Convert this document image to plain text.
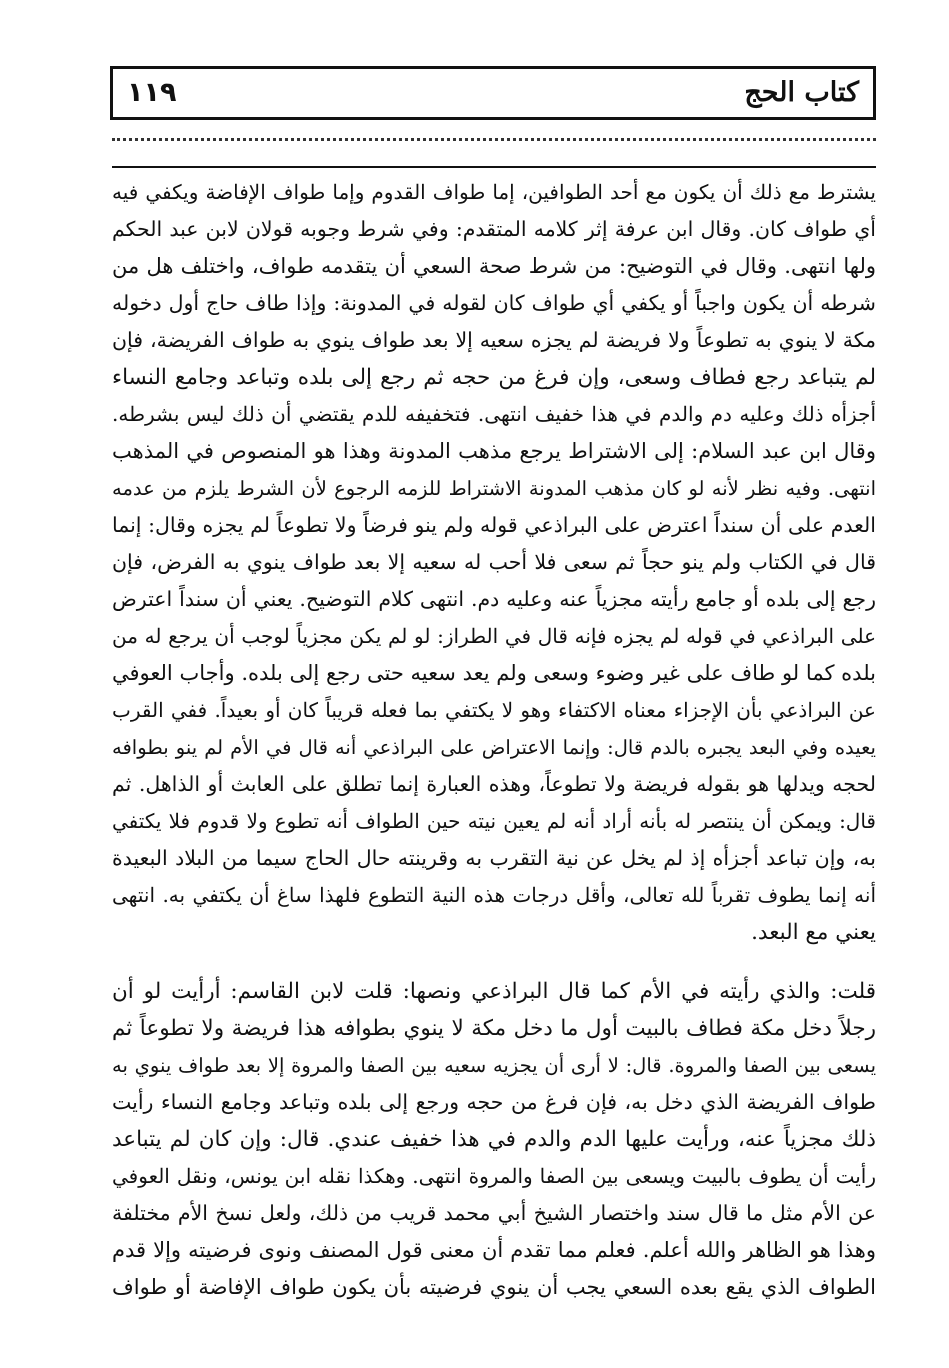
١١٩	كتاب الحج
يشترط مع ذلك أن يكون مع أحد الطوافين، إما طواف القدوم وإما طواف الإفاضة ويكفي فيه
أي طواف كان. وقال ابن عرفة إثر كلامه المتقدم: وفي شرط وجوبه قولان لابن عبد الحكم
ولها انتهى. وقال في التوضيح: من شرط صحة السعي أن يتقدمه طواف، واختلف هل من
شرطه أن يكون واجباً أو يكفي أي طواف كان لقوله في المدونة: وإذا طاف حاج أول دخوله
مكة لا ينوي به تطوعاً ولا فريضة لم يجزه سعيه إلا بعد طواف ينوي به طواف الفريضة، فإن
لم يتباعد رجع فطاف وسعى، وإن فرغ من حجه ثم رجع إلى بلده وتباعد وجامع النساء
أجزأه ذلك وعليه دم والدم في هذا خفيف انتهى. فتخفيفه للدم يقتضي أن ذلك ليس بشرطه.
وقال ابن عبد السلام: إلى الاشتراط يرجع مذهب المدونة وهذا هو المنصوص في المذهب
انتهى. وفيه نظر لأنه لو كان مذهب المدونة الاشتراط للزمه الرجوع لأن الشرط يلزم من عدمه
العدم على أن سنداً اعترض على البراذعي قوله ولم ينو فرضاً ولا تطوعاً لم يجزه وقال: إنما
قال في الكتاب ولم ينو حجاً ثم سعى فلا أحب له سعيه إلا بعد طواف ينوي به الفرض، فإن
رجع إلى بلده أو جامع رأيته مجزياً عنه وعليه دم. انتهى كلام التوضيح. يعني أن سنداً اعترض
على البراذعي في قوله لم يجزه فإنه قال في الطراز: لو لم يكن مجزياً لوجب أن يرجع له من
بلده كما لو طاف على غير وضوء وسعى ولم يعد سعيه حتى رجع إلى بلده. وأجاب العوفي
عن البراذعي بأن الإجزاء معناه الاكتفاء وهو لا يكتفي بما فعله قريباً كان أو بعيداً. ففي القرب
يعيده وفي البعد يجبره بالدم قال: وإنما الاعتراض على البراذعي أنه قال في الأم لم ينو بطوافه
لحجه ويدلها هو بقوله فريضة ولا تطوعاً، وهذه العبارة إنما تطلق على العابث أو الذاهل. ثم
قال: ويمكن أن ينتصر له بأنه أراد أنه لم يعين نيته حين الطواف أنه تطوع ولا قدوم فلا يكتفي
به، وإن تباعد أجزأه إذ لم يخل عن نية التقرب به وقرينته حال الحاج سيما من البلاد البعيدة
أنه إنما يطوف تقرباً لله تعالى، وأقل درجات هذه النية التطوع فلهذا ساغ أن يكتفي به. انتهى
يعني مع البعد.
قلت: والذي رأيته في الأم كما قال البراذعي ونصها: قلت لابن القاسم: أرأيت لو أن
رجلاً دخل مكة فطاف بالبيت أول ما دخل مكة لا ينوي بطوافه هذا فريضة ولا تطوعاً ثم
يسعى بين الصفا والمروة. قال: لا أرى أن يجزيه سعيه بين الصفا والمروة إلا بعد طواف ينوي به
طواف الفريضة الذي دخل به، فإن فرغ من حجه ورجع إلى بلده وتباعد وجامع النساء رأيت
ذلك مجزياً عنه، ورأيت عليها الدم والدم في هذا خفيف عندي. قال: وإن كان لم يتباعد
رأيت أن يطوف بالبيت ويسعى بين الصفا والمروة انتهى. وهكذا نقله ابن يونس، ونقل العوفي
عن الأم مثل ما قال سند واختصار الشيخ أبي محمد قريب من ذلك، ولعل نسخ الأم مختلفة
وهذا هو الظاهر والله أعلم. فعلم مما تقدم أن معنى قول المصنف ونوى فرضيته وإلا قدم
الطواف الذي يقع بعده السعي يجب أن ينوي فرضيته بأن يكون طواف الإفاضة أو طواف
